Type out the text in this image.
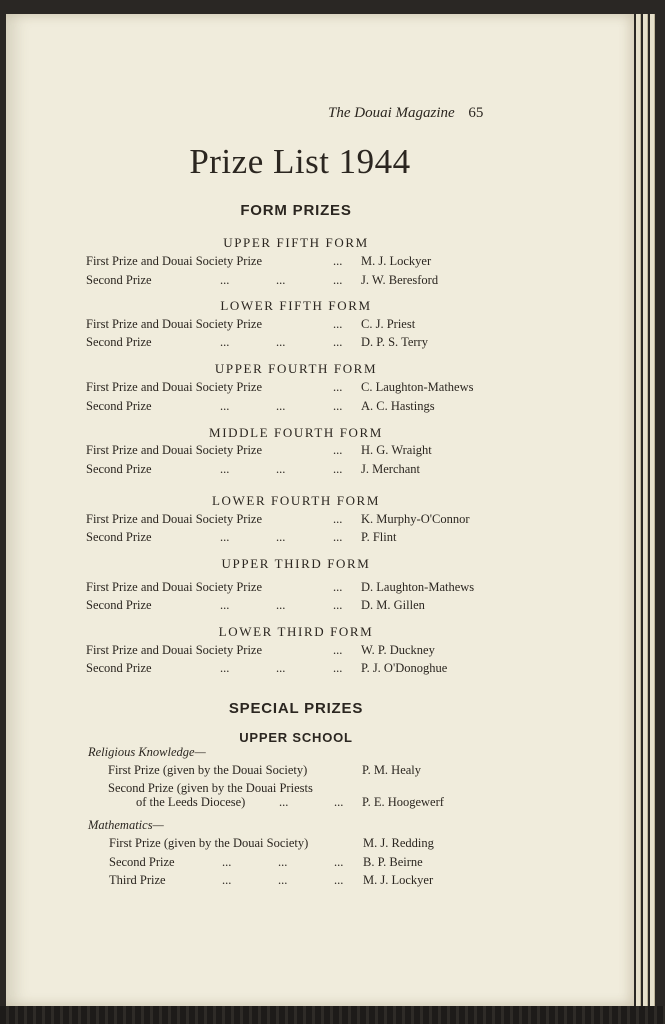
The Douai Magazine 65
Prize List 1944
FORM PRIZES
UPPER FIFTH FORM
First Prize and Douai Society Prize	... M. J. Lockyer
Second Prize	...	...	... J. W. Beresford
LOWER FIFTH FORM
First Prize and Douai Society Prize	... C. J. Priest
Second Prize	...	...	... D. P. S. Terry
UPPER FOURTH FORM
First Prize and Douai Society Prize	... C. Laughton-Mathews
Second Prize	...	...	... A. C. Hastings
MIDDLE FOURTH FORM
First Prize and Douai Society Prize	... H. G. Wraight
Second Prize	...	...	... J. Merchant
LOWER FOURTH FORM
First Prize and Douai Society Prize	... K. Murphy-O'Connor
Second Prize	...	...	... P. Flint
UPPER THIRD FORM
First Prize and Douai Society Prize	... D. Laughton-Mathews
Second Prize	...	...	... D. M. Gillen
LOWER THIRD FORM
First Prize and Douai Society Prize	... W. P. Duckney
Second Prize	...	...	... P. J. O'Donoghue
SPECIAL PRIZES
UPPER SCHOOL
Religious Knowledge—
First Prize (given by the Douai Society)	P. M. Healy
Second Prize (given by the Douai Priests
of the Leeds Diocese)	...	... P. E. Hoogewerf
Mathematics—
First Prize (given by the Douai Society)	M. J. Redding
Second Prize	...	...	... B. P. Beirne
Third Prize	...	...	... M. J. Lockyer
